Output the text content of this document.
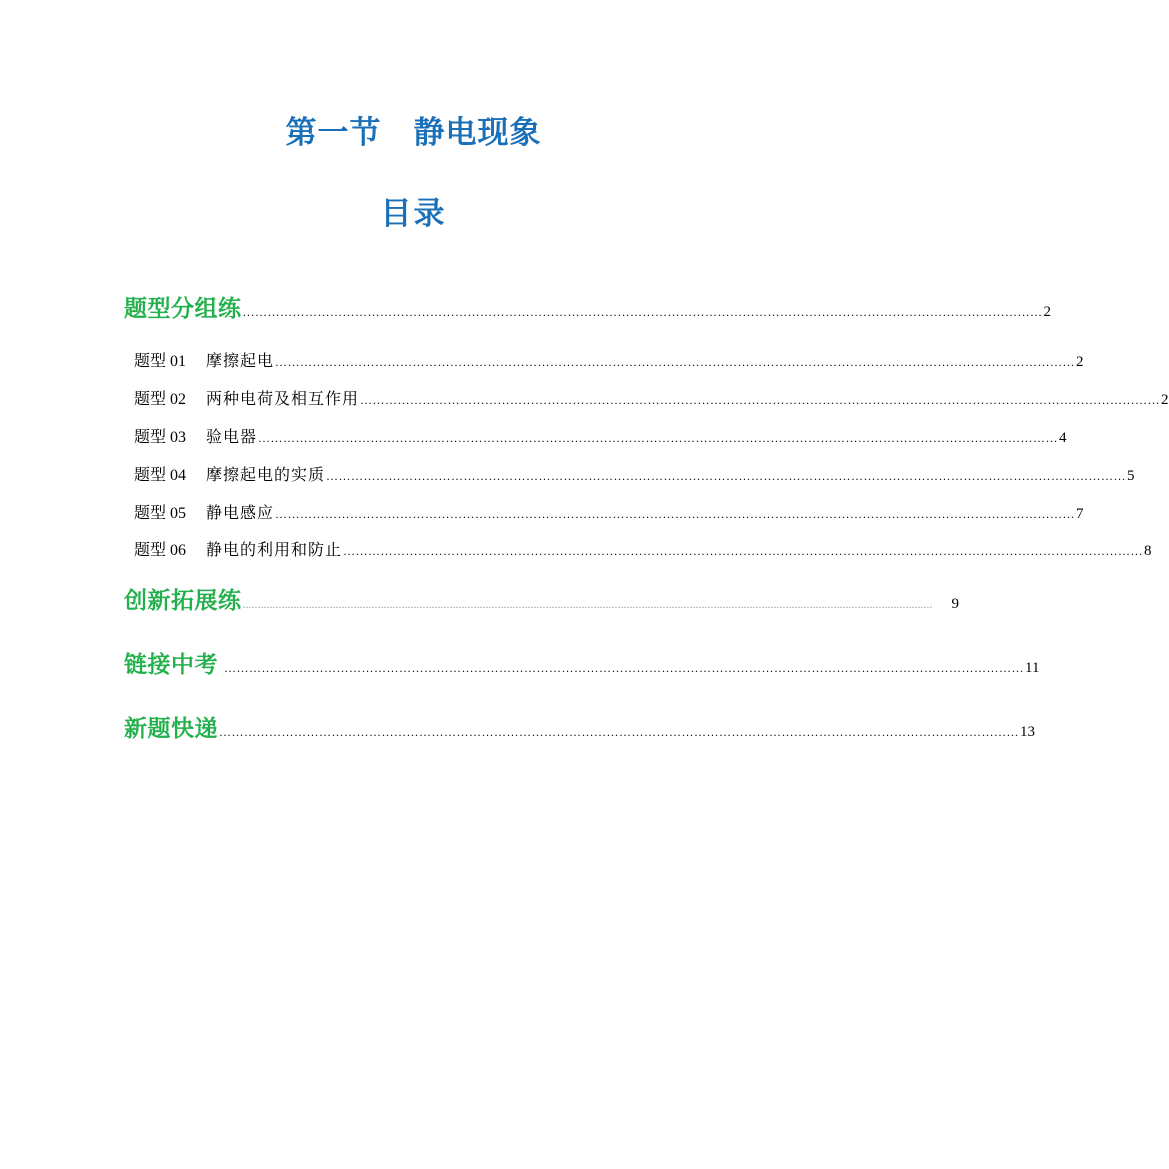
第一节 静电现象
目录
题型分组练 ………………………………………………………………………………………………………………………………………………………………………… 2
题型 01 摩擦起电 ………………………………………………………………………………………………………………………………………………………………………… 2
题型 02 两种电荷及相互作用 ………………………………………………………………………………………………………………………………………………………………………… 2
题型 03 验电器 ………………………………………………………………………………………………………………………………………………………………………… 4
题型 04 摩擦起电的实质 ………………………………………………………………………………………………………………………………………………………………………… 5
题型 05 静电感应 ………………………………………………………………………………………………………………………………………………………………………… 7
题型 06 静电的利用和防止 ………………………………………………………………………………………………………………………………………………………………………… 8
创新拓展练 ...................................................................................................................................................................................................................................... 9
链接中考 ………………………………………………………………………………………………………………………………………………………………………… 11
新题快递 ………………………………………………………………………………………………………………………………………………………………………… 13
